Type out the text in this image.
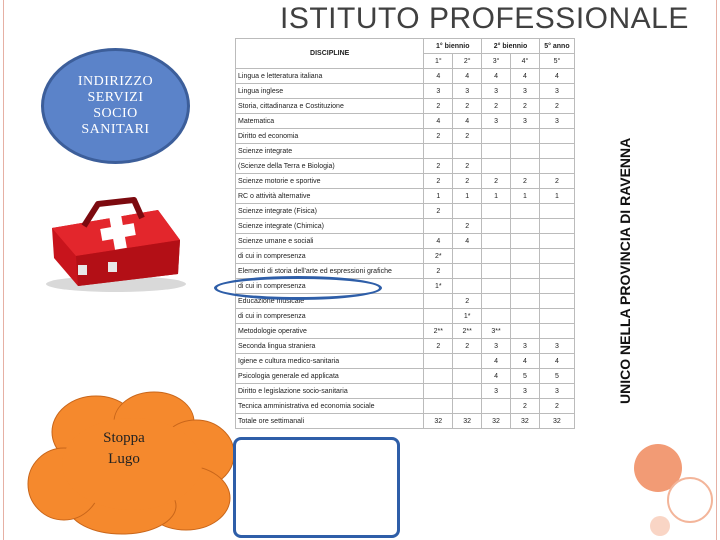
ISTITUTO PROFESSIONALE
UNICO NELLA PROVINCIA DI RAVENNA
INDIRIZZO
SERVIZI
SOCIO
SANITARI
Stoppa
Lugo
DISCIPLINE	1° biennio		2° biennio		5° anno
	1°	2°	3°	4°	5°
Lingua e letteratura italiana	4	4	4	4	4
Lingua inglese	3	3	3	3	3
Storia, cittadinanza e Costituzione	2	2	2	2	2
Matematica	4	4	3	3	3
Diritto ed economia	2	2			
Scienze integrate					
(Scienze della Terra e Biologia)	2	2			
Scienze motorie e sportive	2	2	2	2	2
RC o attività alternative	1	1	1	1	1
Scienze integrate (Fisica)	2				
Scienze integrate (Chimica)		2			
Scienze umane e sociali	4	4			
di cui in compresenza	2*				
Elementi di storia dell'arte ed espressioni grafiche	2				
di cui in compresenza	1*				
Educazione musicale		2			
di cui in compresenza		1*			
Metodologie operative	2**	2**	3**		
Seconda lingua straniera	2	2	3	3	3
Igiene e cultura medico-sanitaria			4	4	4
Psicologia generale ed applicata			4	5	5
Diritto e legislazione socio-sanitaria			3	3	3
Tecnica amministrativa ed economia sociale				2	2
Totale ore settimanali	32	32	32	32	32
